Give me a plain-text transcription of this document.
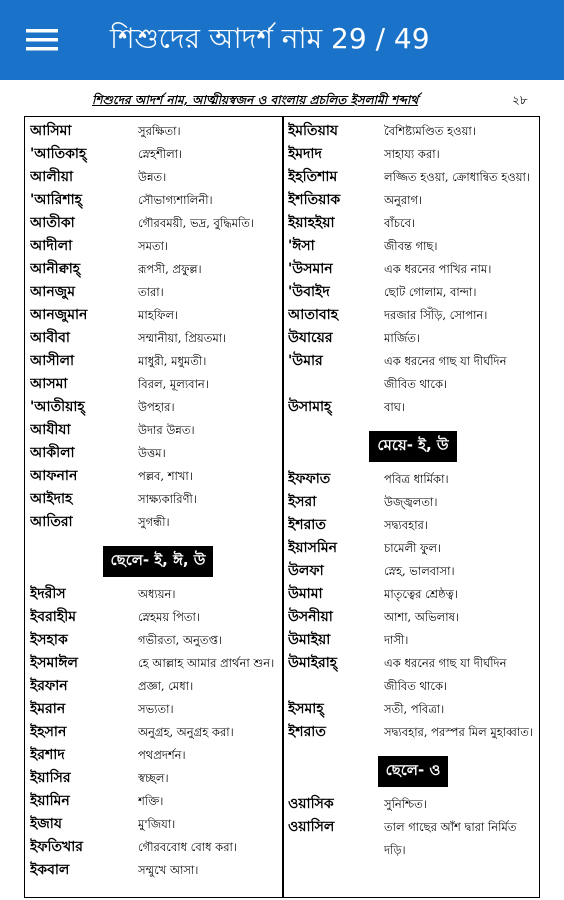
শিশুদের আদর্শ নাম 29 / 49
শিশুদের আদর্শ নাম, আত্মীয়স্বজন ও বাংলায় প্রচলিত ইসলামী শব্দার্থ	২৮
আসিমা	সুরক্ষিতা।
'আতিকাহ্	স্নেহশীলা।
আলীয়া	উন্নত।
'আরিশাহ্	সৌভাগ্যশালিনী।
আতীকা	গৌরবময়ী, ভদ্র, বুদ্ধিমতি।
আদীলা	সমতা।
আনীক্বাহ্	রূপসী, প্রফুল্ল।
আনজুম	তারা।
আনজুমান	মাহফিল।
আবীবা	সম্মানীয়া, প্রিয়তমা।
আসীলা	মাধুরী, মধুমতী।
আসমা	বিরল, মূল্যবান।
'আতীয়াহ্	উপহার।
আযীযা	উদার উন্নত।
আকীলা	উত্তম।
আফনান	পল্লব, শাখা।
আইদাহ	সাক্ষ্যকারিণী।
আতিরা	সুগন্ধী।
ছেলে- ই, ঈ, উ
ইদরীস	অধ্যয়ন।
ইবরাহীম	স্নেহময় পিতা।
ইসহাক	গভীরতা, অনুতপ্ত।
ইসমাঈল	হে আল্লাহ আমার প্রার্থনা শুন।
ইরফান	প্রজ্ঞা, মেধা।
ইমরান	সভ্যতা।
ইহসান	অনুগ্রহ, অনুগ্রহ করা।
ইরশাদ	পথপ্রদর্শন।
ইয়াসির	স্বচ্ছল।
ইয়ামিন	শক্তি।
ইজায	মু'জিযা।
ইফতিখার	গৌরববোধ বোধ করা।
ইকবাল	সম্মুখে আসা।
ইমতিয়ায	বৈশিষ্ট্যমণ্ডিত হওয়া।
ইমদাদ	সাহায্য করা।
ইহতিশাম	লজ্জিত হওয়া, ক্রোধান্বিত হওয়া।
ইশতিয়াক	অনুরাগ।
ইয়াহইয়া	বাঁচবে।
'ঈসা	জীবন্ত গাছ।
'উসমান	এক ধরনের পাখির নাম।
'উবাইদ	ছোট গোলাম, বান্দা।
আতাবাহ	দরজার সিঁড়ি, সোপান।
উযায়ের	মার্জিত।
'উমার	এক ধরনের গাছ যা দীর্ঘদিন জীবিত থাকে।
উসামাহ্	বাঘ।
মেয়ে- ই, উ
ইফফাত	পবিত্র ধার্মিকা।
ইসরা	উজ্জ্বলতা।
ইশরাত	সদ্ব্যবহার।
ইয়াসমিন	চামেলী ফুল।
উলফা	স্নেহ, ভালবাসা।
উমামা	মাতৃত্বের শ্রেষ্ঠত্ব।
উসনীয়া	আশা, অভিলাষ।
উমাইয়া	দাসী।
উমাইরাহ্	এক ধরনের গাছ যা দীর্ঘদিন জীবিত থাকে।
ইসমাহ্	সতী, পবিত্রা।
ইশরাত	সদ্ব্যবহার, পরস্পর মিল মুহাব্বাত।
ছেলে- ও
ওয়াসিক	সুনিশ্চিত।
ওয়াসিল	তাল গাছের আঁশ দ্বারা নির্মিত দড়ি।
